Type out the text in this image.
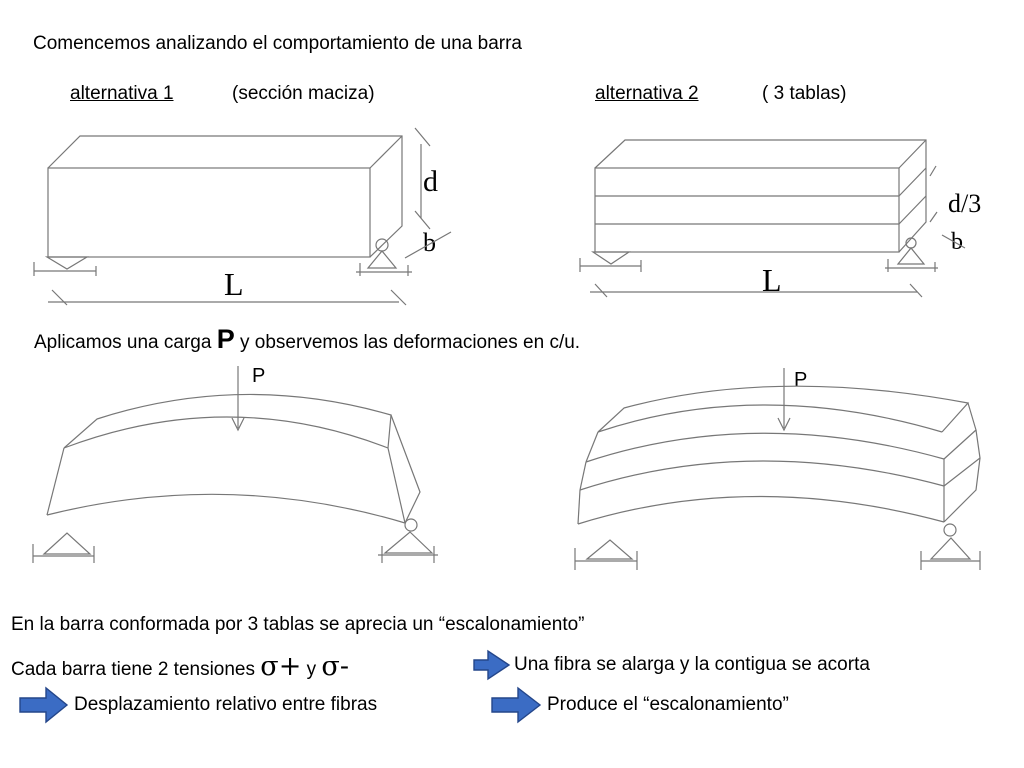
Comencemos analizando el comportamiento de una barra
alternativa 1	(sección maciza)	alternativa 2	( 3 tablas)
d
b
L
d/3
b
L
Aplicamos una carga P y observemos las deformaciones en c/u.
P	P
En la barra conformada por 3 tablas se aprecia un “escalonamiento”
Cada barra tiene 2 tensiones σ+ y σ-	Una fibra se alarga y la contigua se acorta
Desplazamiento relativo entre fibras	Produce el “escalonamiento”
